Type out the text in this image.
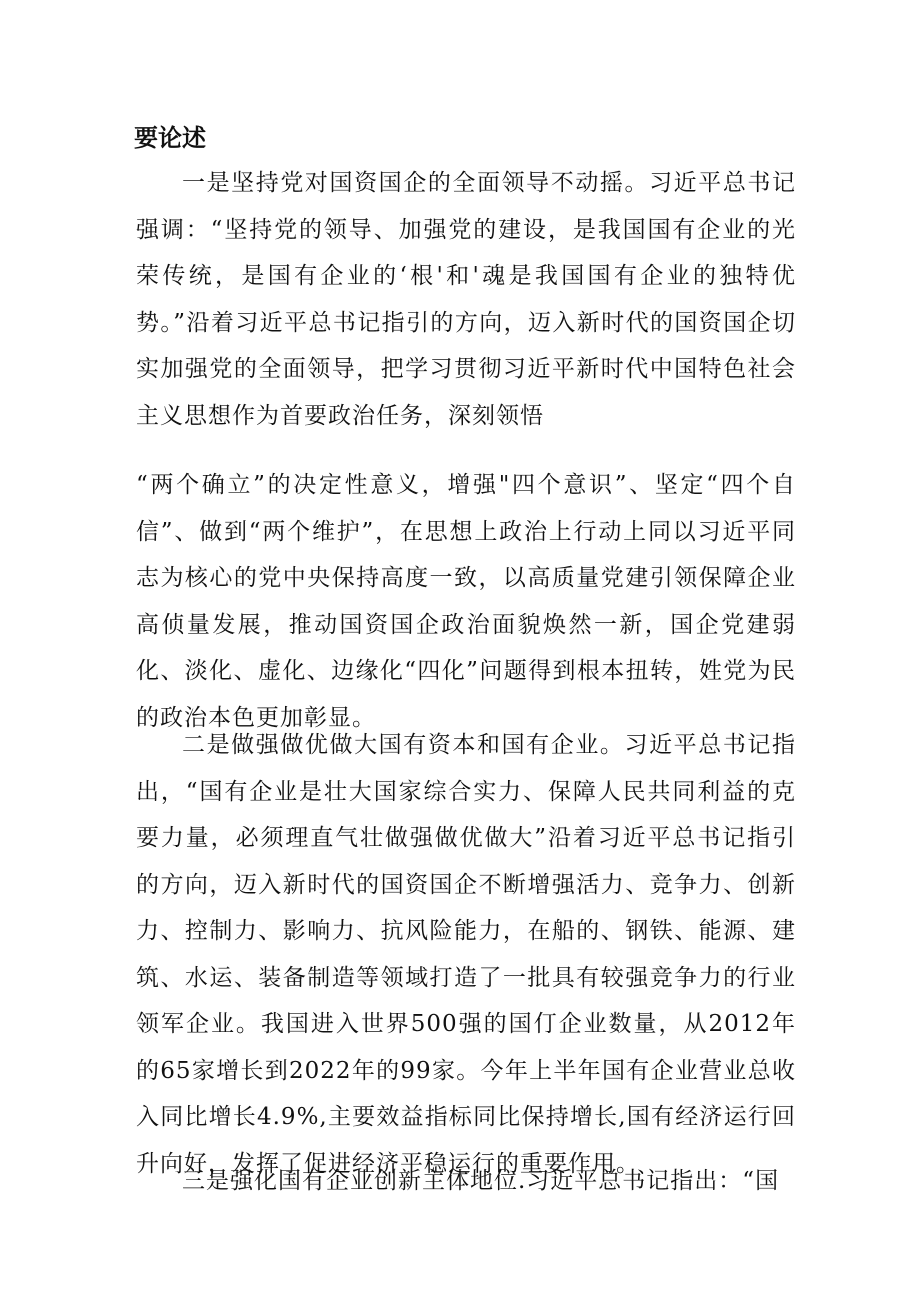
要论述

一是坚持党对国资国企的全面领导不动摇。习近平总书记强调：“坚持党的领导、加强党的建设，是我国国有企业的光荣传统，是国有企业的‘根'和'魂是我国国有企业的独特优势。”沿着习近平总书记指引的方向，迈入新时代的国资国企切实加强党的全面领导，把学习贯彻习近平新时代中国特色社会主义思想作为首要政治任务，深刻领悟

“两个确立”的决定性意义，增强"四个意识”、坚定“四个自信”、做到“两个维护”，在思想上政治上行动上同以习近平同志为核心的党中央保持高度一致，以高质量党建引领保障企业高侦量发展，推动国资国企政治面貌焕然一新，国企党建弱化、淡化、虚化、边缘化“四化”问题得到根本扭转，姓党为民的政治本色更加彰显。

二是做强做优做大国有资本和国有企业。习近平总书记指出，“国有企业是壮大国家综合实力、保障人民共同利益的克要力量，必须理直气壮做强做优做大”沿着习近平总书记指引的方向，迈入新时代的国资国企不断增强活力、竞争力、创新力、控制力、影响力、抗风险能力，在船的、钢铁、能源、建筑、水运、装备制造等领域打造了一批具有较强竞争力的行业领军企业。我国进入世界500强的国仃企业数量，从2012年的65家增长到2022年的99家。今年上半年国有企业营业总收入同比增长4.9%,主要效益指标同比保持增长,国有经济运行回升向好，发挥了促进经济平稳运行的重要作用。

三是强化国有企业创新主体地位.习近平总书记指出：“国
